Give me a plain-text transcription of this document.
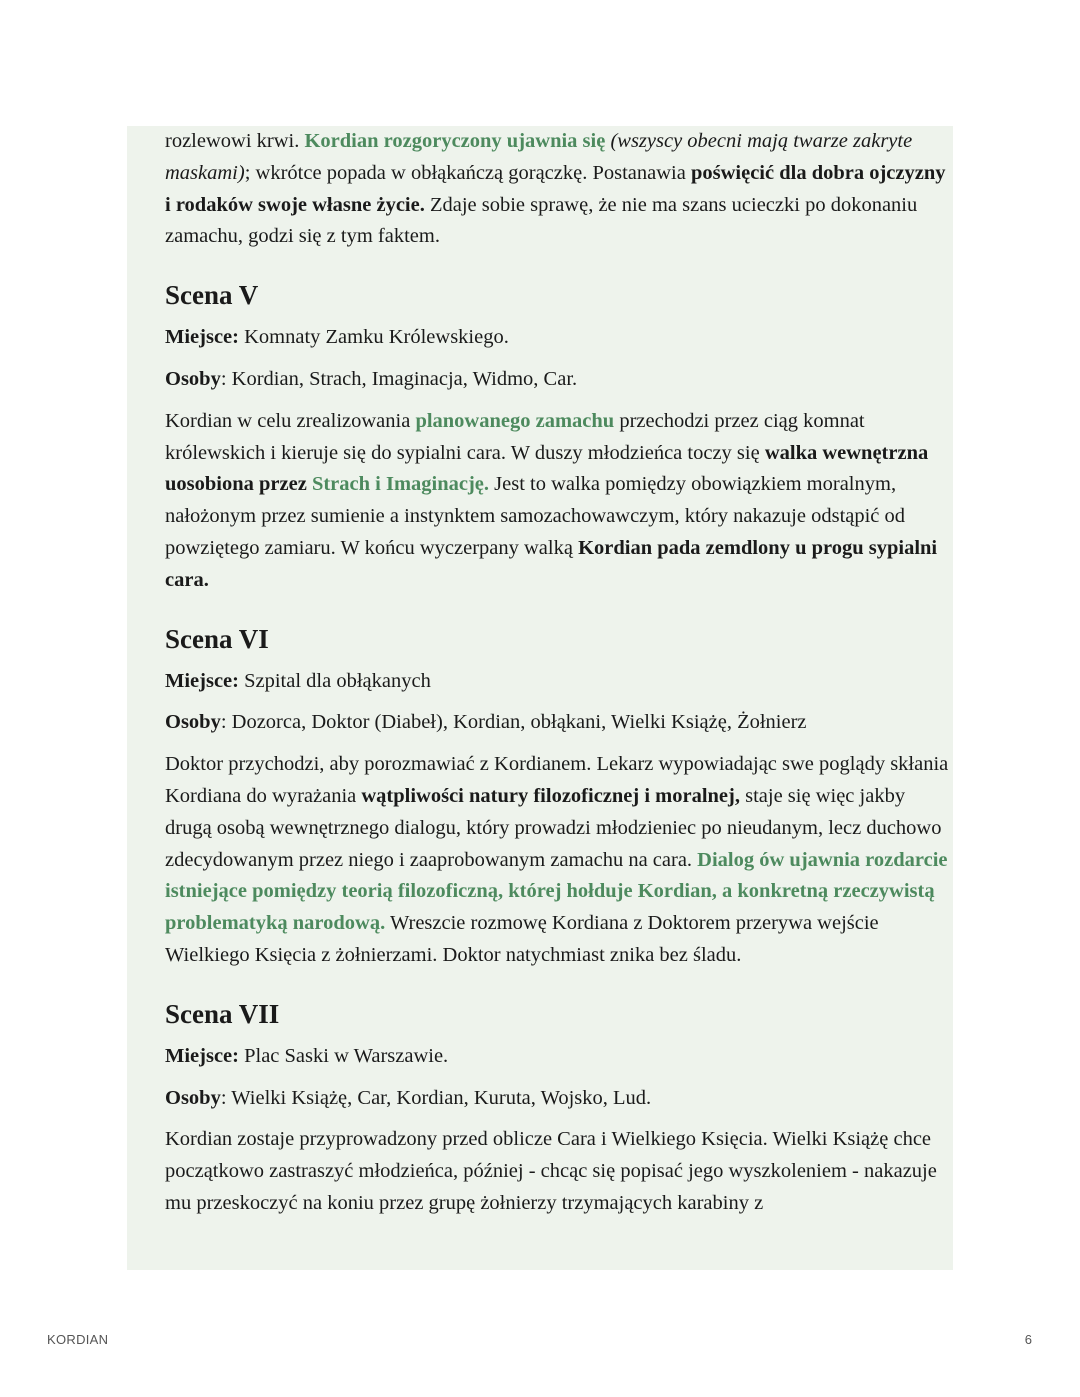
rozlewowi krwi. Kordian rozgoryczony ujawnia się (wszyscy obecni mają twarze zakryte maskami); wkrótce popada w obłąkańczą gorączkę. Postanawia poświęcić dla dobra ojczyzny i rodaków swoje własne życie. Zdaje sobie sprawę, że nie ma szans ucieczki po dokonaniu zamachu, godzi się z tym faktem.

Scena V

Miejsce: Komnaty Zamku Królewskiego.

Osoby: Kordian, Strach, Imaginacja, Widmo, Car.

Kordian w celu zrealizowania planowanego zamachu przechodzi przez ciąg komnat królewskich i kieruje się do sypialni cara. W duszy młodzieńca toczy się walka wewnętrzna uosobiona przez Strach i Imaginację. Jest to walka pomiędzy obowiązkiem moralnym, nałożonym przez sumienie a instynktem samozachowawczym, który nakazuje odstąpić od powziętego zamiaru. W końcu wyczerpany walką Kordian pada zemdlony u progu sypialni cara.

Scena VI

Miejsce: Szpital dla obłąkanych

Osoby: Dozorca, Doktor (Diabeł), Kordian, obłąkani, Wielki Książę, Żołnierz

Doktor przychodzi, aby porozmawiać z Kordianem. Lekarz wypowiadając swe poglądy skłania Kordiana do wyrażania wątpliwości natury filozoficznej i moralnej, staje się więc jakby drugą osobą wewnętrznego dialogu, który prowadzi młodzieniec po nieudanym, lecz duchowo zdecydowanym przez niego i zaaprobowanym zamachu na cara. Dialog ów ujawnia rozdarcie istniejące pomiędzy teorią filozoficzną, której hołduje Kordian, a konkretną rzeczywistą problematyką narodową. Wreszcie rozmowę Kordiana z Doktorem przerywa wejście Wielkiego Księcia z żołnierzami. Doktor natychmiast znika bez śladu.

Scena VII

Miejsce: Plac Saski w Warszawie.

Osoby: Wielki Książę, Car, Kordian, Kuruta, Wojsko, Lud.

Kordian zostaje przyprowadzony przed oblicze Cara i Wielkiego Księcia. Wielki Książę chce początkowo zastraszyć młodzieńca, później - chcąc się popisać jego wyszkoleniem - nakazuje mu przeskoczyć na koniu przez grupę żołnierzy trzymających karabiny z

KORDIAN	6
